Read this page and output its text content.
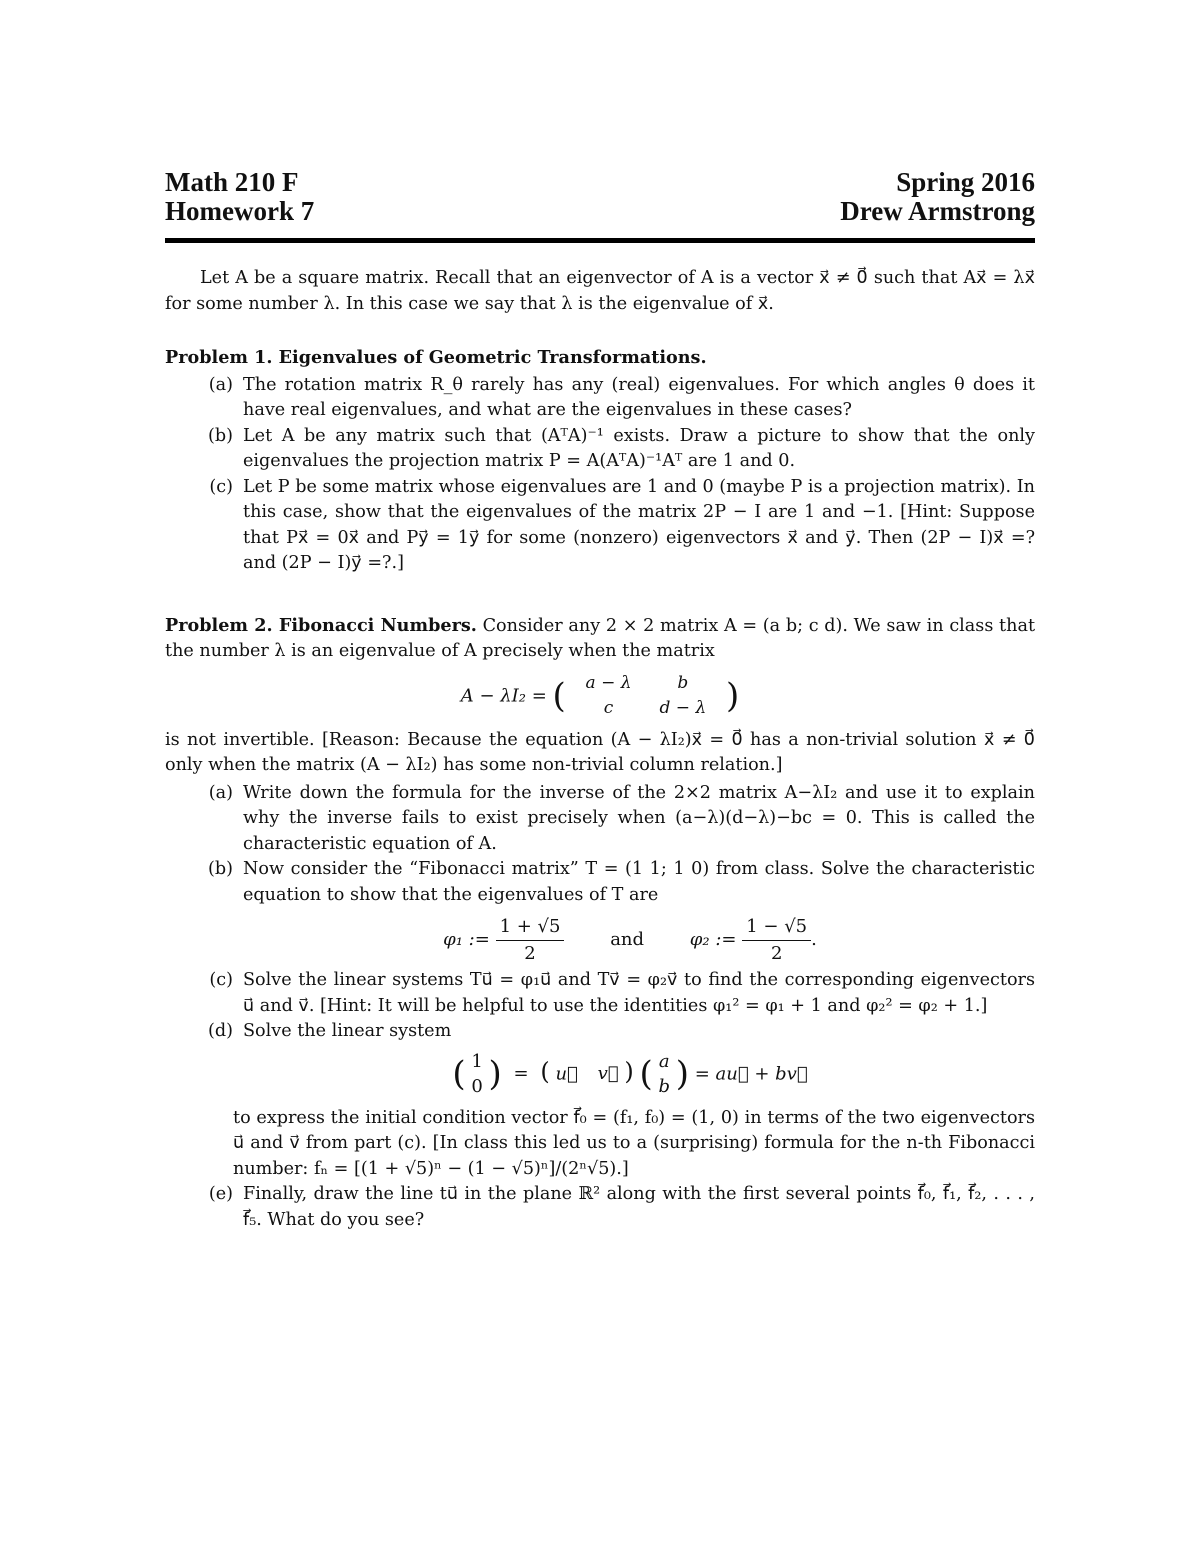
Math 210 F	Spring 2016
Homework 7	Drew Armstrong

Let A be a square matrix. Recall that an eigenvector of A is a vector x⃗ ≠ 0⃗ such that Ax⃗ = λx⃗ for some number λ. In this case we say that λ is the eigenvalue of x⃗.

Problem 1. Eigenvalues of Geometric Transformations.
(a) The rotation matrix R_θ rarely has any (real) eigenvalues. For which angles θ does it have real eigenvalues, and what are the eigenvalues in these cases?
(b) Let A be any matrix such that (AᵀA)⁻¹ exists. Draw a picture to show that the only eigenvalues the projection matrix P = A(AᵀA)⁻¹Aᵀ are 1 and 0.
(c) Let P be some matrix whose eigenvalues are 1 and 0 (maybe P is a projection matrix). In this case, show that the eigenvalues of the matrix 2P − I are 1 and −1. [Hint: Suppose that Px⃗ = 0x⃗ and Py⃗ = 1y⃗ for some (nonzero) eigenvectors x⃗ and y⃗. Then (2P − I)x⃗ =? and (2P − I)y⃗ =?.]
Problem 2. Fibonacci Numbers. Consider any 2 × 2 matrix A = (a b; c d). We saw in class that the number λ is an eigenvalue of A precisely when the matrix
A − λI₂ = ( a − λ	b
c	d − λ )
is not invertible. [Reason: Because the equation (A − λI₂)x⃗ = 0⃗ has a non-trivial solution x⃗ ≠ 0⃗ only when the matrix (A − λI₂) has some non-trivial column relation.]
(a) Write down the formula for the inverse of the 2×2 matrix A−λI₂ and use it to explain why the inverse fails to exist precisely when (a−λ)(d−λ)−bc = 0. This is called the characteristic equation of A.
(b) Now consider the “Fibonacci matrix” T = (1 1; 1 0) from class. Solve the characteristic equation to show that the eigenvalues of T are
φ₁ := $\frac{1 + √5}{2}$	and	φ₂ := $\frac{1 - √5}{2}$ .
(c) Solve the linear systems Tu⃗ = φ₁u⃗ and Tv⃗ = φ₂v⃗ to find the corresponding eigenvectors u⃗ and v⃗. [Hint: It will be helpful to use the identities φ₁² = φ₁ + 1 and φ₂² = φ₂ + 1.]
(d) Solve the linear system
( 1
0 ) = ( u⃗ v⃗ ) ( a
b ) = au⃗ + bv⃗
to express the initial condition vector f⃗₀ = (f₁, f₀) = (1, 0) in terms of the two eigenvectors u⃗ and v⃗ from part (c). [In class this led us to a (surprising) formula for the n-th Fibonacci number: fₙ = [(1 + √5)ⁿ − (1 − √5)ⁿ]/(2ⁿ√5).]
(e) Finally, draw the line tu⃗ in the plane ℝ² along with the first several points f⃗₀, f⃗₁, f⃗₂, . . . , f⃗₅. What do you see?
